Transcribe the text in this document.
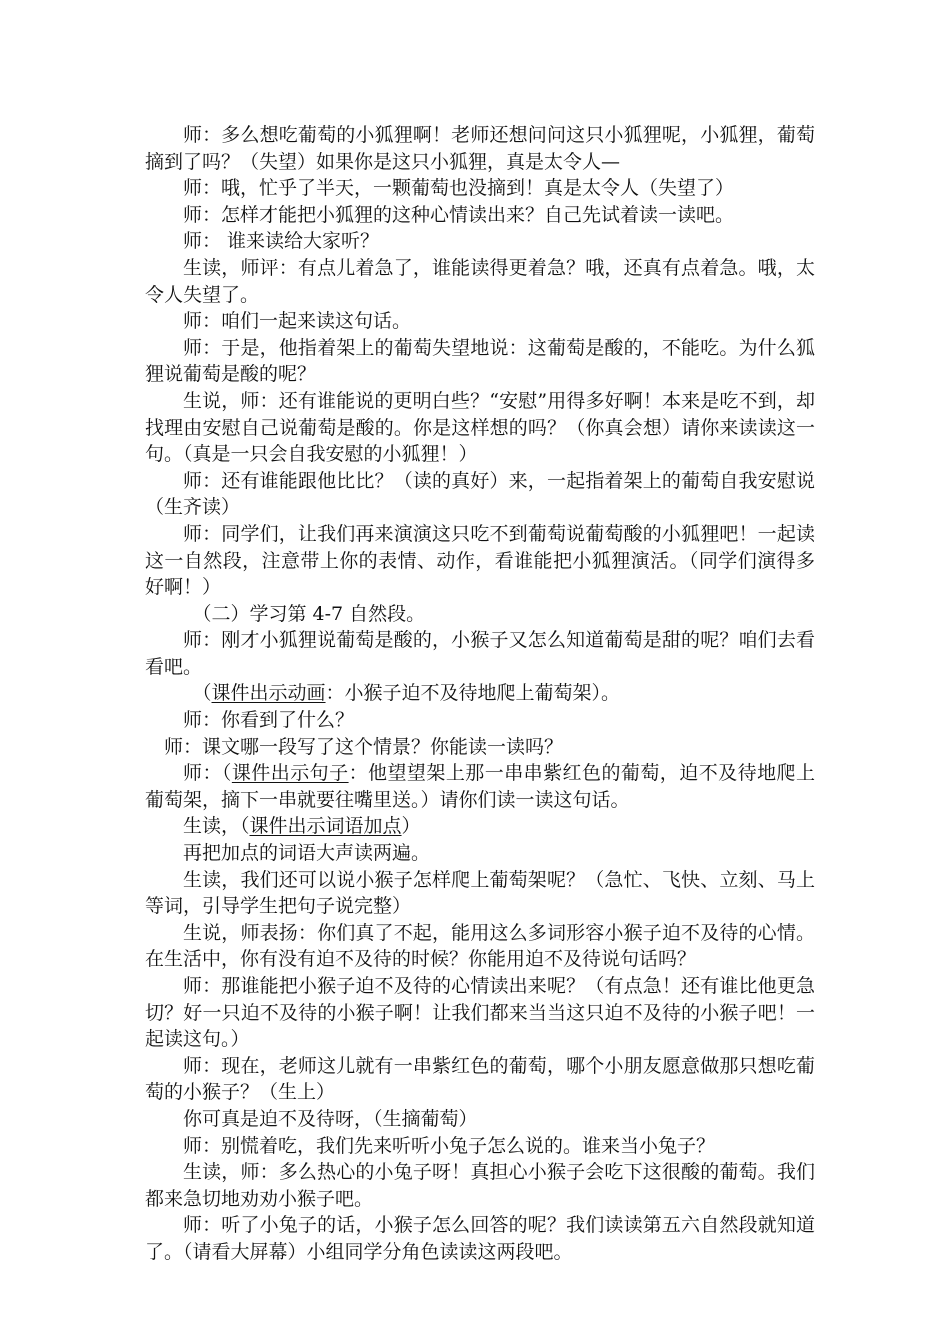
师：多么想吃葡萄的小狐狸啊！老师还想问问这只小狐狸呢，小狐狸，葡萄摘到了吗？（失望）如果你是这只小狐狸，真是太令人—

师：哦，忙乎了半天，一颗葡萄也没摘到！真是太令人（失望了）

师：怎样才能把小狐狸的这种心情读出来？自己先试着读一读吧。

师： 谁来读给大家听？

生读，师评：有点儿着急了，谁能读得更着急？哦，还真有点着急。哦，太令人失望了。

师：咱们一起来读这句话。

师：于是，他指着架上的葡萄失望地说：这葡萄是酸的，不能吃。为什么狐狸说葡萄是酸的呢？

生说，师：还有谁能说的更明白些？“安慰”用得多好啊！本来是吃不到，却找理由安慰自己说葡萄是酸的。你是这样想的吗？（你真会想）请你来读读这一句。（真是一只会自我安慰的小狐狸！）

师：还有谁能跟他比比？（读的真好）来，一起指着架上的葡萄自我安慰说（生齐读）

师：同学们，让我们再来演演这只吃不到葡萄说葡萄酸的小狐狸吧！一起读这一自然段，注意带上你的表情、动作，看谁能把小狐狸演活。（同学们演得多好啊！）

（二）学习第 4-7 自然段。

师：刚才小狐狸说葡萄是酸的，小猴子又怎么知道葡萄是甜的呢？咱们去看看吧。

（课件出示动画：小猴子迫不及待地爬上葡萄架）。

师：你看到了什么？

师：课文哪一段写了这个情景？你能读一读吗？

师：（课件出示句子：他望望架上那一串串紫红色的葡萄，迫不及待地爬上葡萄架，摘下一串就要往嘴里送。）请你们读一读这句话。

生读，（课件出示词语加点）

再把加点的词语大声读两遍。

生读，我们还可以说小猴子怎样爬上葡萄架呢？（急忙、飞快、立刻、马上等词，引导学生把句子说完整）

生说，师表扬：你们真了不起，能用这么多词形容小猴子迫不及待的心情。在生活中，你有没有迫不及待的时候？你能用迫不及待说句话吗？

师：那谁能把小猴子迫不及待的心情读出来呢？（有点急！还有谁比他更急切？好一只迫不及待的小猴子啊！让我们都来当当这只迫不及待的小猴子吧！一起读这句。）

师：现在，老师这儿就有一串紫红色的葡萄，哪个小朋友愿意做那只想吃葡萄的小猴子？（生上）

你可真是迫不及待呀，（生摘葡萄）

师：别慌着吃，我们先来听听小兔子怎么说的。谁来当小兔子？

生读，师：多么热心的小兔子呀！真担心小猴子会吃下这很酸的葡萄。我们都来急切地劝劝小猴子吧。

师：听了小兔子的话，小猴子怎么回答的呢？我们读读第五六自然段就知道了。（请看大屏幕）小组同学分角色读读这两段吧。
